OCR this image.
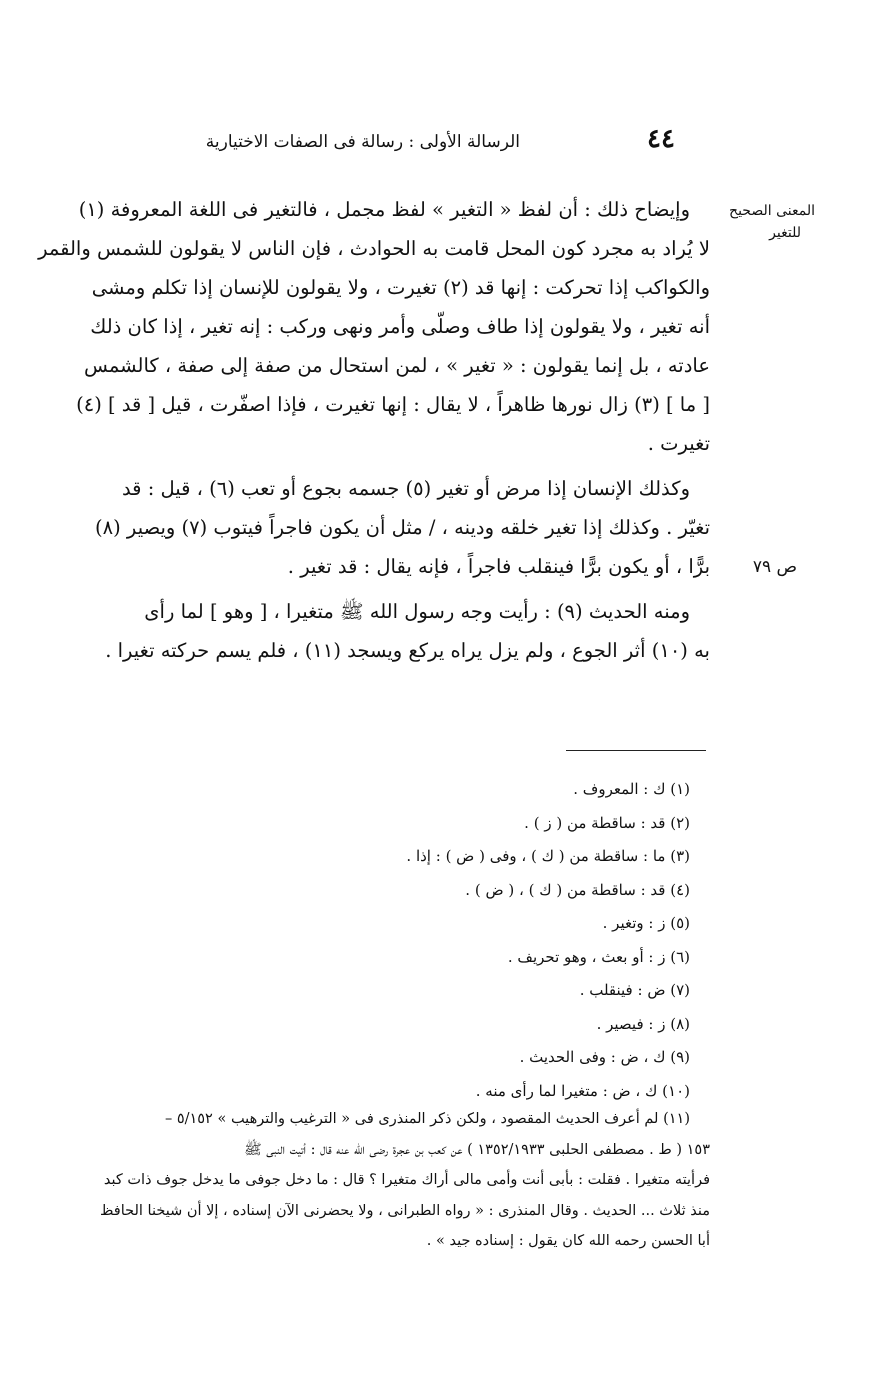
الرسالة الأولى : رسالة فى الصفات الاختيارية	٤٤
المعنى الصحيح
للتغير
ص ٧٩

وإيضاح ذلك : أن لفظ « التغير » لفظ مجمل ، فالتغير فى اللغة المعروفة (١)
لا يُراد به مجرد كون المحل قامت به الحوادث ، فإن الناس لا يقولون للشمس والقمر
والكواكب إذا تحركت : إنها قد (٢) تغيرت ، ولا يقولون للإنسان إذا تكلم ومشى
أنه تغير ، ولا يقولون إذا طاف وصلّى وأمر ونهى وركب : إنه تغير ، إذا كان ذلك
عادته ، بل إنما يقولون : « تغير » ، لمن استحال من صفة إلى صفة ، كالشمس
[ ما ] (٣) زال نورها ظاهراً ، لا يقال : إنها تغيرت ، فإذا اصفّرت ، قيل [ قد ] (٤)
تغيرت .

وكذلك الإنسان إذا مرض أو تغير (٥) جسمه بجوع أو تعب (٦) ، قيل : قد
تغيّر . وكذلك إذا تغير خلقه ودينه ، / مثل أن يكون فاجراً فيتوب (٧) ويصير (٨)
برًّا ، أو يكون برًّا فينقلب فاجراً ، فإنه يقال : قد تغير .

ومنه الحديث (٩) : رأيت وجه رسول الله ﷺ متغيرا ، [ وهو ] لما رأى
به (١٠) أثر الجوع ، ولم يزل يراه يركع ويسجد (١١) ، فلم يسم حركته تغيرا .

(١) ك : المعروف .
(٢) قد : ساقطة من ( ز ) .
(٣) ما : ساقطة من ( ك ) ، وفى ( ض ) : إذا .
(٤) قد : ساقطة من ( ك ) ، ( ض ) .
(٥) ز : وتغير .
(٦) ز : أو بعث ، وهو تحريف .
(٧) ض : فينقلب .
(٨) ز : فيصير .
(٩) ك ، ض : وفى الحديث .
(١٠) ك ، ض : متغيرا لما رأى منه .
(١١) لم أعرف الحديث المقصود ، ولكن ذكر المنذرى فى « الترغيب والترهيب » ٥/١٥٢ –
١٥٣ ( ط . مصطفى الحلبى ١٣٥٢/١٩٣٣ ) عن كعب بن عجرة رضى الله عنه قال : أتيت النبى ﷺ
فرأيته متغيرا . فقلت : بأبى أنت وأمى مالى أراك متغيرا ؟ قال : ما دخل جوفى ما يدخل جوف ذات كبد
منذ ثلاث ... الحديث . وقال المنذرى : « رواه الطبرانى ، ولا يحضرنى الآن إسناده ، إلا أن شيخنا الحافظ
أبا الحسن رحمه الله كان يقول : إسناده جيد » .
